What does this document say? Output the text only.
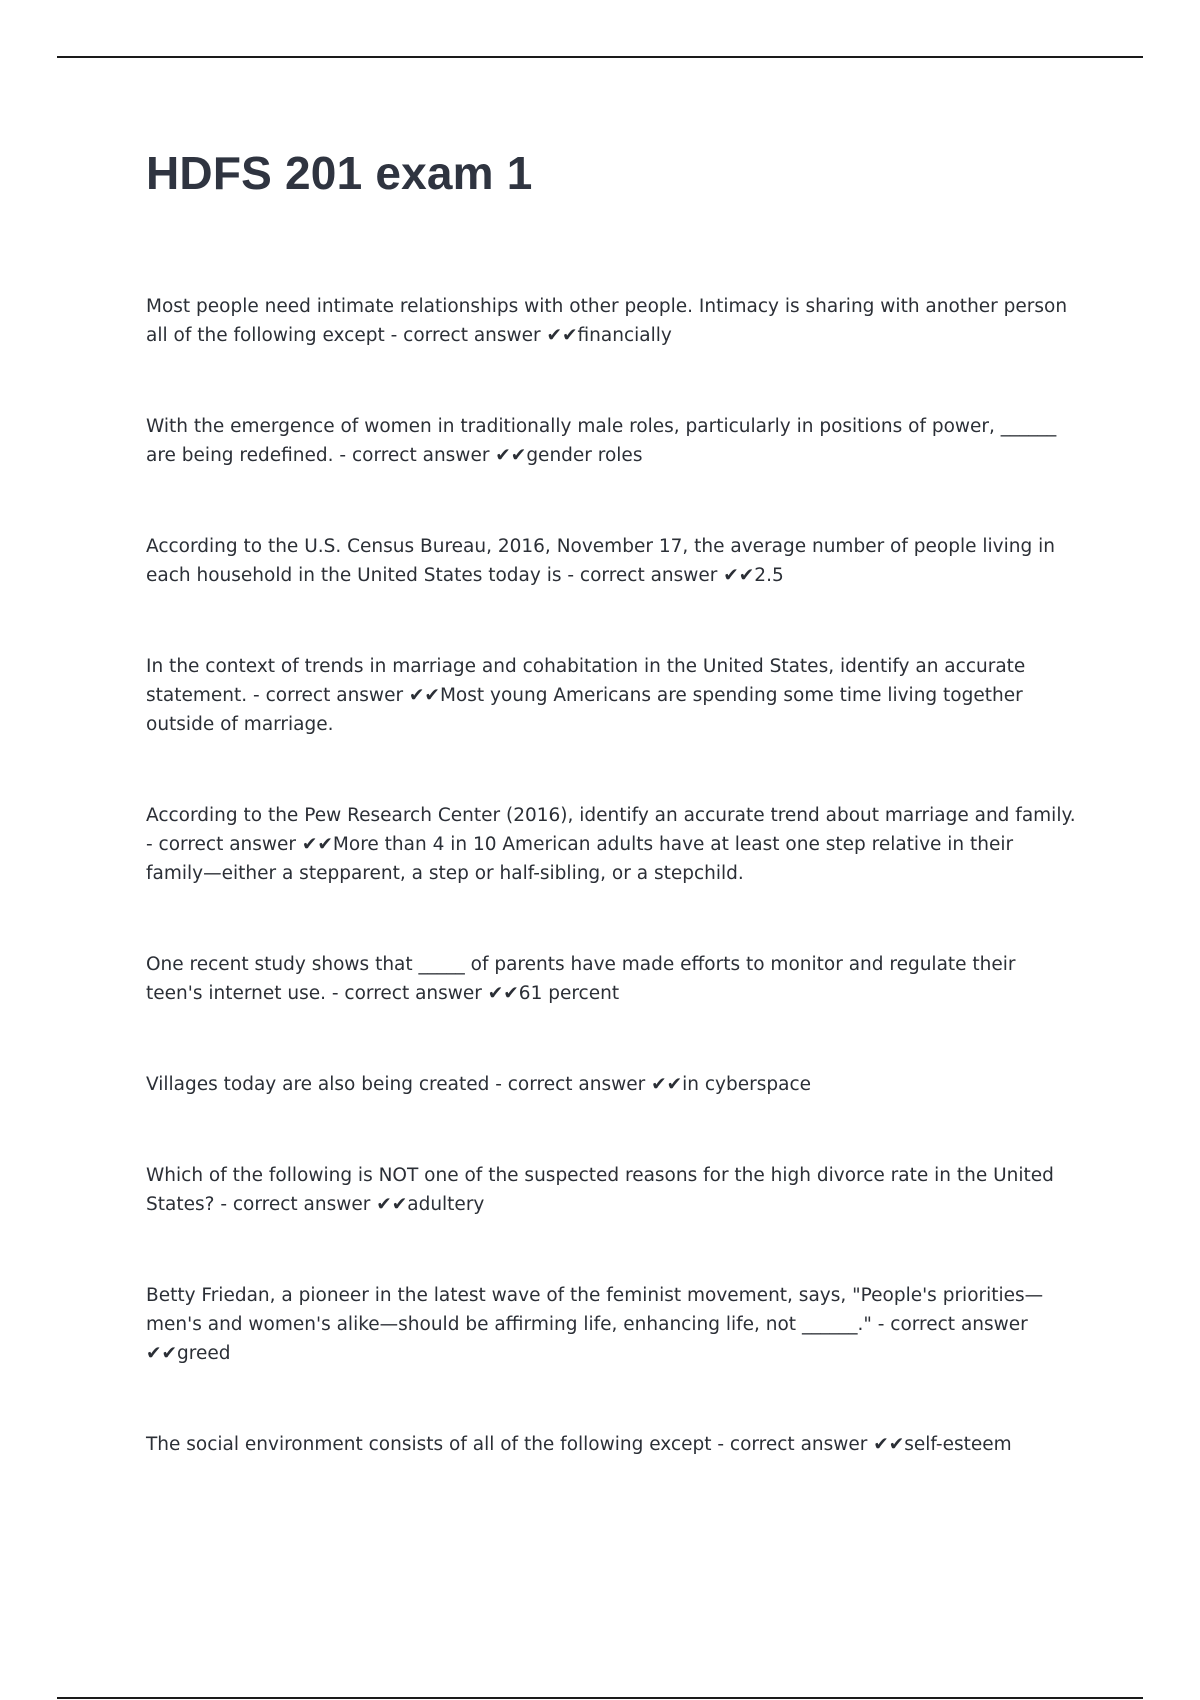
HDFS 201 exam 1
Most people need intimate relationships with other people. Intimacy is sharing with another person all of the following except - correct answer ✔✔financially
With the emergence of women in traditionally male roles, particularly in positions of power, ______ are being redefined. - correct answer ✔✔gender roles
According to the U.S. Census Bureau, 2016, November 17, the average number of people living in each household in the United States today is - correct answer ✔✔2.5
In the context of trends in marriage and cohabitation in the United States, identify an accurate statement. - correct answer ✔✔Most young Americans are spending some time living together outside of marriage.
According to the Pew Research Center (2016), identify an accurate trend about marriage and family. - correct answer ✔✔More than 4 in 10 American adults have at least one step relative in their family—either a stepparent, a step or half-sibling, or a stepchild.
One recent study shows that _____ of parents have made efforts to monitor and regulate their teen's internet use. - correct answer ✔✔61 percent
Villages today are also being created - correct answer ✔✔in cyberspace
Which of the following is NOT one of the suspected reasons for the high divorce rate in the United States? - correct answer ✔✔adultery
Betty Friedan, a pioneer in the latest wave of the feminist movement, says, "People's priorities—men's and women's alike—should be affirming life, enhancing life, not ______." - correct answer ✔✔greed
The social environment consists of all of the following except - correct answer ✔✔self-esteem
